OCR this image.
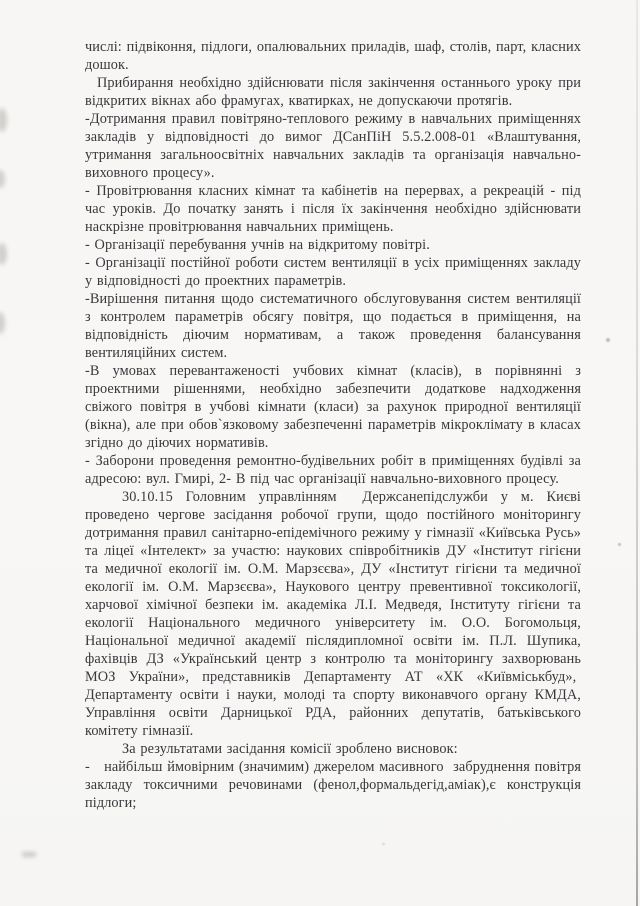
числі: підвіконня, підлоги, опалювальних приладів, шаф, столів, парт, класних дошок.

Прибирання необхідно здійснювати після закінчення останнього уроку при відкритих вікнах або фрамугах, кватирках, не допускаючи протягів.

-Дотримання правил повітряно-теплового режиму в навчальних приміщеннях закладів у відповідності до вимог ДСанПіН 5.5.2.008-01 «Влаштування, утримання загальноосвітніх навчальних закладів та організація навчально-виховного процесу».

- Провітрювання класних кімнат та кабінетів на перервах, а рекреацій - під час уроків. До початку занять і після їх закінчення необхідно здійснювати наскрізне провітрювання навчальних приміщень.

- Організації перебування учнів на відкритому повітрі.

- Організації постійної роботи систем вентиляції в усіх приміщеннях закладу у відповідності до проектних параметрів.

-Вирішення питання щодо систематичного обслуговування систем вентиляції з контролем параметрів обсягу повітря, що подається в приміщення, на відповідність діючим нормативам, а також проведення балансування вентиляційних систем.

-В умовах перевантаженості учбових кімнат (класів), в порівнянні з проектними рішеннями, необхідно забезпечити додаткове надходження свіжого повітря в учбові кімнати (класи) за рахунок природної вентиляції (вікна), але при обов`язковому забезпеченні параметрів мікроклімату в класах згідно до діючих нормативів.

- Заборони проведення ремонтно-будівельних робіт в приміщеннях будівлі за адресою: вул. Гмирі, 2- В під час організації навчально-виховного процесу.

30.10.15 Головним управлінням  Держсанепідслужби у м. Києві проведено чергове засідання робочої групи, щодо постійного моніторингу дотримання правил санітарно-епідемічного режиму у гімназії «Київська Русь» та ліцеї «Інтелект» за участю: наукових співробітників ДУ «Інститут гігієни та медичної екології ім. О.М. Марзєєва», ДУ «Інститут гігієни та медичної екології ім. О.М. Марзєєва», Наукового центру превентивної токсикології, харчової хімічної безпеки ім. академіка Л.І. Медведя, Інституту гігієни та екології Національного медичного університету ім. О.О. Богомольця, Національної медичної академії післядипломної освіти ім. П.Л. Шупика, фахівців ДЗ «Український центр з контролю та моніторингу захворювань МОЗ України», представників Департаменту АТ «ХК «Київміськбуд»,  Департаменту освіти і науки, молоді та спорту виконавчого органу КМДА, Управління освіти Дарницької РДА, районних депутатів, батьківського комітету гімназії.

За результатами засідання комісії зроблено висновок:

-   найбільш ймовірним (значимим) джерелом масивного  забруднення повітря закладу токсичними речовинами (фенол,формальдегід,аміак),є конструкція підлоги;
